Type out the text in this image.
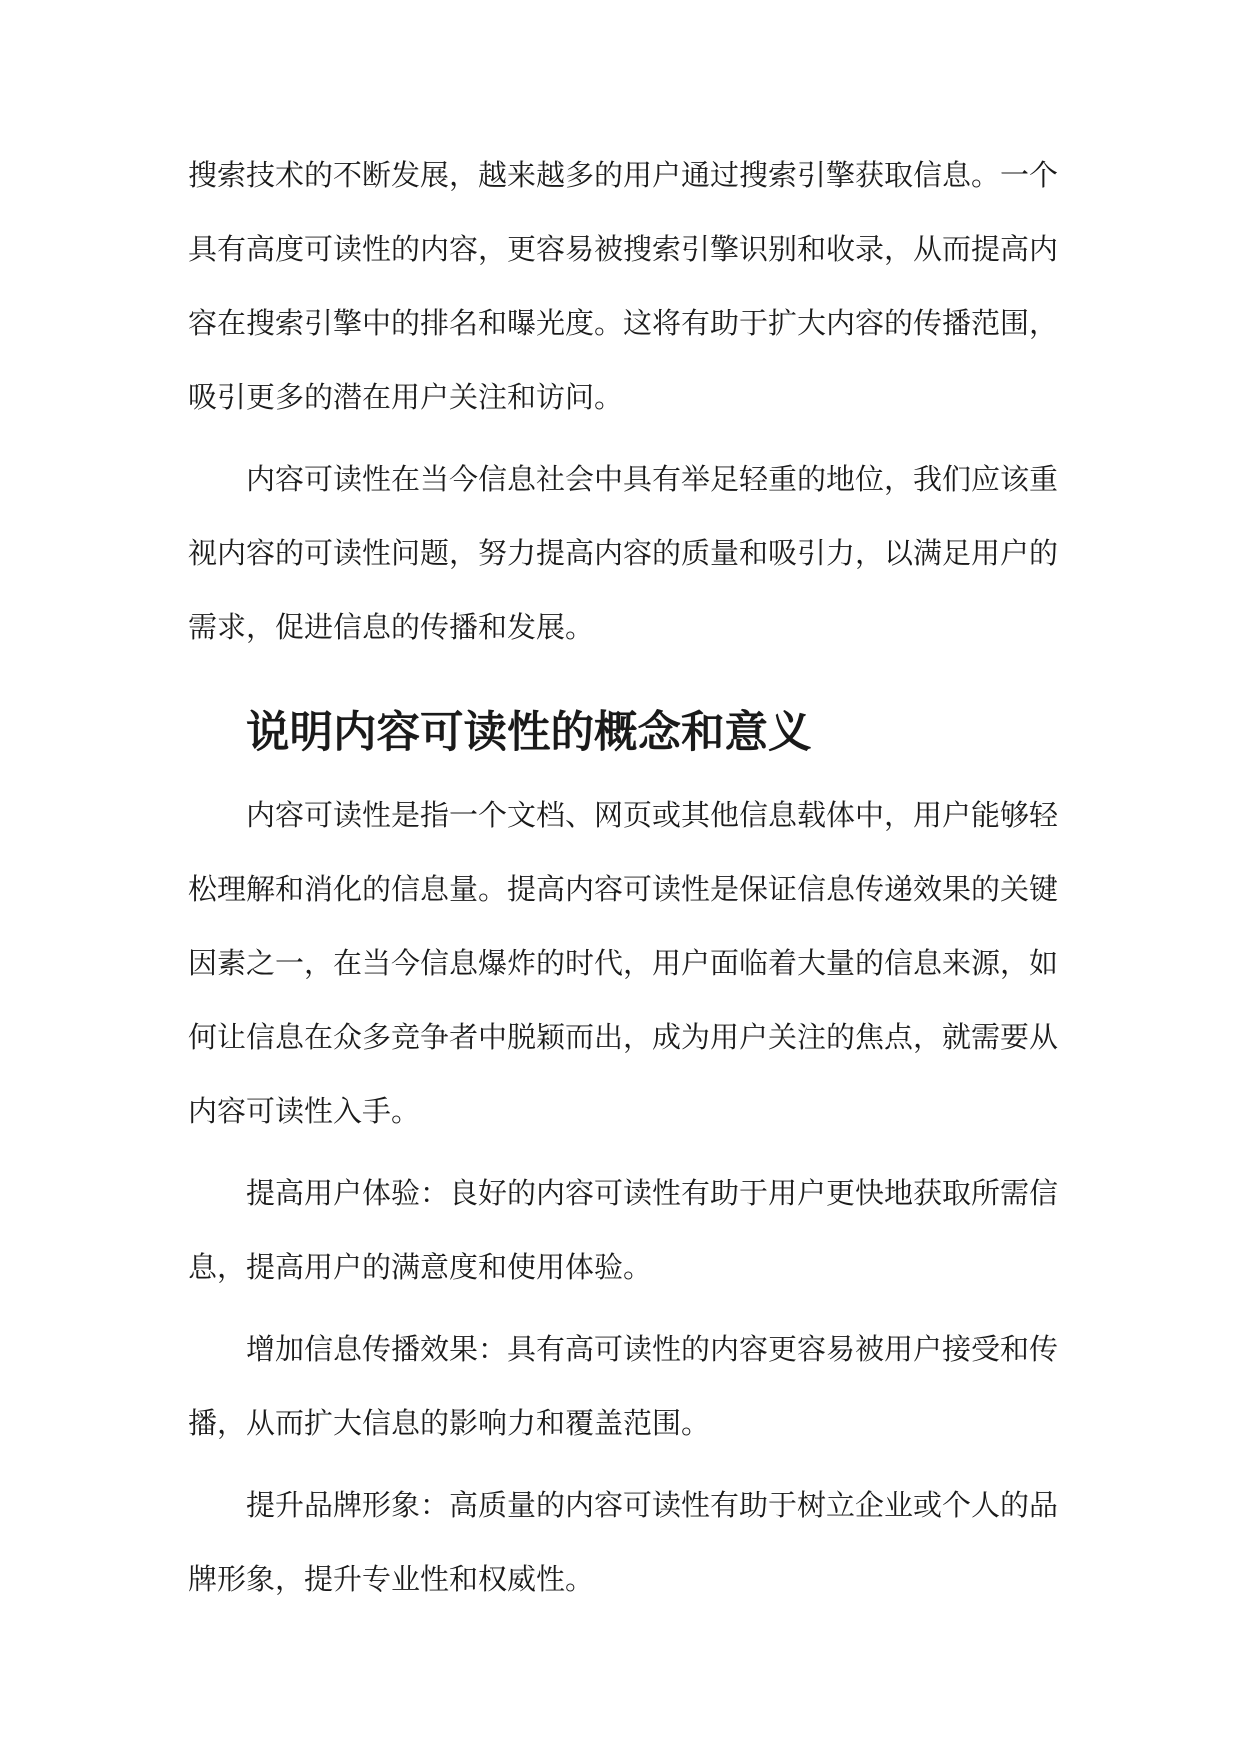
搜索技术的不断发展，越来越多的用户通过搜索引擎获取信息。一个具有高度可读性的内容，更容易被搜索引擎识别和收录，从而提高内容在搜索引擎中的排名和曝光度。这将有助于扩大内容的传播范围，吸引更多的潜在用户关注和访问。

内容可读性在当今信息社会中具有举足轻重的地位，我们应该重视内容的可读性问题，努力提高内容的质量和吸引力，以满足用户的需求，促进信息的传播和发展。

说明内容可读性的概念和意义

内容可读性是指一个文档、网页或其他信息载体中，用户能够轻松理解和消化的信息量。提高内容可读性是保证信息传递效果的关键因素之一，在当今信息爆炸的时代，用户面临着大量的信息来源，如何让信息在众多竞争者中脱颖而出，成为用户关注的焦点，就需要从内容可读性入手。

提高用户体验：良好的内容可读性有助于用户更快地获取所需信息，提高用户的满意度和使用体验。

增加信息传播效果：具有高可读性的内容更容易被用户接受和传播，从而扩大信息的影响力和覆盖范围。

提升品牌形象：高质量的内容可读性有助于树立企业或个人的品牌形象，提升专业性和权威性。
